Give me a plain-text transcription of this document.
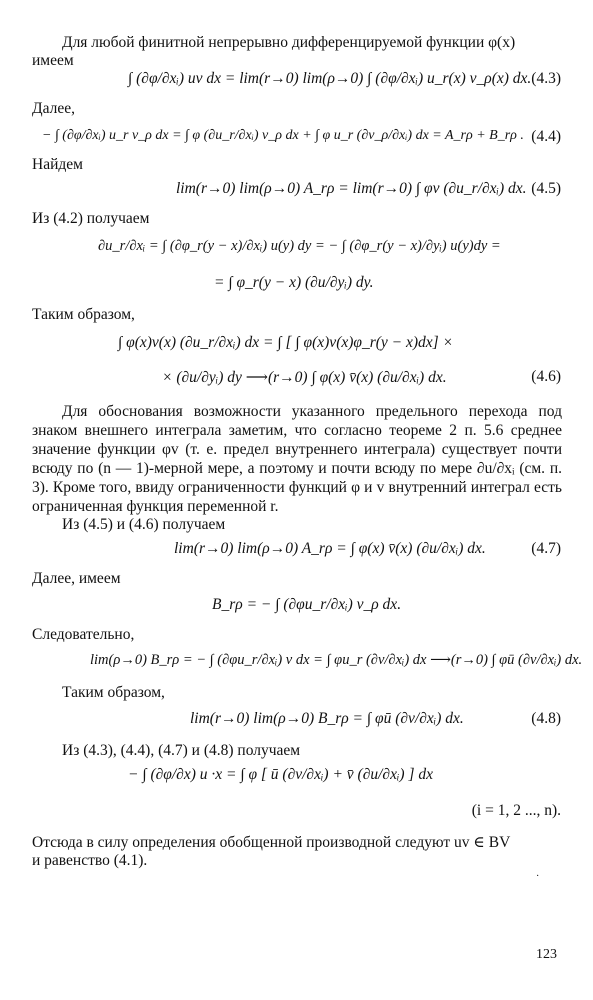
Для любой финитной непрерывно дифференцируемой функции φ(x)
имеем
∫ (∂φ/∂xᵢ) uv dx = lim(r→0) lim(ρ→0) ∫ (∂φ/∂xᵢ) u_r(x) v_ρ(x) dx. (4.3)
Далее,
− ∫ (∂φ/∂xᵢ) u_r v_ρ dx = ∫ φ (∂u_r/∂xᵢ) v_ρ dx + ∫ φ u_r (∂v_ρ/∂xᵢ) dx = A_rρ + B_rρ . (4.4)
Найдем
lim(r→0) lim(ρ→0) A_rρ = lim(r→0) ∫ φv (∂u_r/∂xᵢ) dx. (4.5)
Из (4.2) получаем
∂u_r/∂xᵢ = ∫ (∂φ_r(y − x)/∂xᵢ) u(y) dy = − ∫ (∂φ_r(y − x)/∂yᵢ) u(y)dy =
= ∫ φ_r(y − x) (∂u/∂yᵢ) dy.
Таким образом,
∫ φ(x)v(x) (∂u_r/∂xᵢ) dx = ∫ [ ∫ φ(x)v(x)φ_r(y − x)dx] ×
× (∂u/∂yᵢ) dy ⟶(r→0) ∫ φ(x) v̄(x) (∂u/∂xᵢ) dx.	(4.6)
Для обоснования возможности указанного предельного перехода под знаком внешнего интеграла заметим, что согласно теореме 2 п. 5.6 среднее значение функции φv (т. е. предел внутреннего интеграла) существует почти всюду по (n — 1)-мерной мере, а поэтому и почти всюду по мере ∂u/∂xᵢ (см. п. 3). Кроме того, ввиду ограниченности функций φ и v внутренний интеграл есть ограниченная функция переменной r.
Из (4.5) и (4.6) получаем
lim(r→0) lim(ρ→0) A_rρ = ∫ φ(x) v̄(x) (∂u/∂xᵢ) dx.	(4.7)
Далее, имеем
B_rρ = − ∫ (∂φu_r/∂xᵢ) v_ρ dx.
Следовательно,
lim(ρ→0) B_rρ = − ∫ (∂φu_r/∂xᵢ) v dx = ∫ φu_r (∂v/∂xᵢ) dx ⟶(r→0) ∫ φū (∂v/∂xᵢ) dx.
Таким образом,
lim(r→0) lim(ρ→0) B_rρ = ∫ φū (∂v/∂xᵢ) dx.	(4.8)
Из (4.3), (4.4), (4.7) и (4.8) получаем
− ∫ (∂φ/∂x) u ·x = ∫ φ [ ū (∂v/∂xᵢ) + v̄ (∂u/∂xᵢ) ] dx
(i = 1, 2 ..., n).
Отсюда в силу определения обобщенной производной следуют uv ∈ BV
и равенство (4.1).
·
123
